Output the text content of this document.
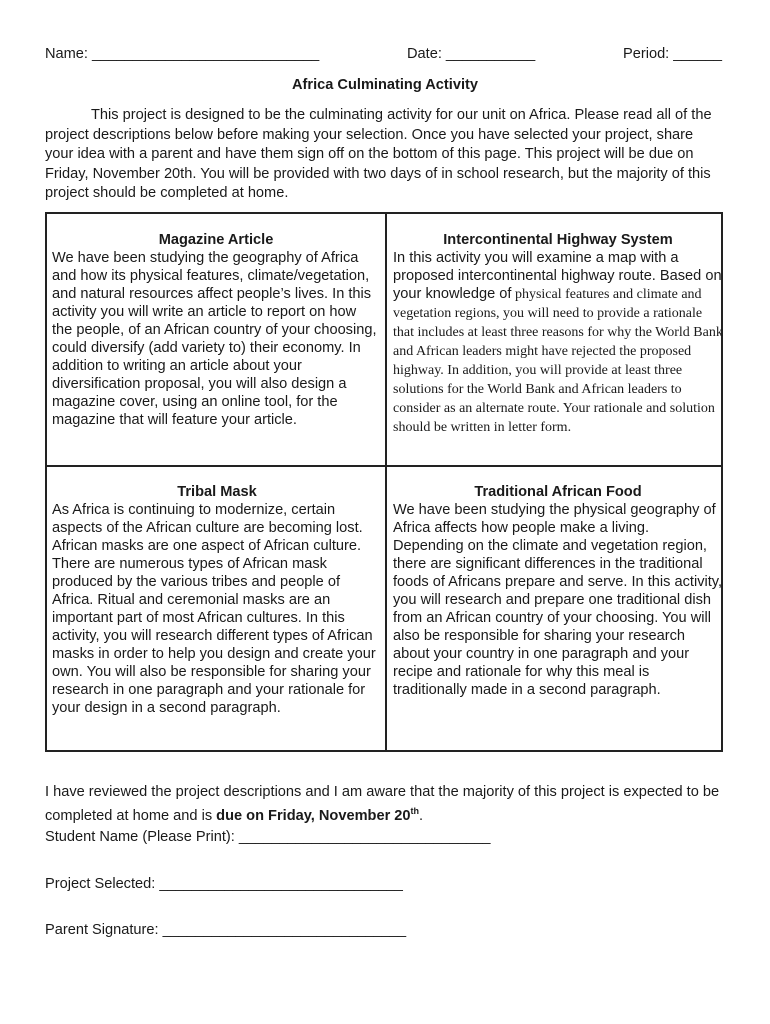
Name: ____________________________	Date: ___________	Period: ______
Africa Culminating Activity

This project is designed to be the culminating activity for our unit on Africa. Please read all of the project descriptions below before making your selection. Once you have selected your project, share your idea with a parent and have them sign off on the bottom of this page. This project will be due on Friday, November 20th. You will be provided with two days of in school research, but the majority of this project should be completed at home.

Magazine Article

We have been studying the geography of Africa and how its physical features, climate/vegetation, and natural resources affect people’s lives. In this activity you will write an article to report on how the people, of an African country of your choosing, could diversify (add variety to) their economy. In addition to writing an article about your diversification proposal, you will also design a magazine cover, using an online tool, for the magazine that will feature your article.

Intercontinental Highway System

In this activity you will examine a map with a proposed intercontinental highway route. Based on your knowledge of physical features and climate and vegetation regions, you will need to provide a rationale that includes at least three reasons for why the World Bank and African leaders might have rejected the proposed highway. In addition, you will provide at least three solutions for the World Bank and African leaders to consider as an alternate route. Your rationale and solution should be written in letter form.

Tribal Mask

As Africa is continuing to modernize, certain aspects of the African culture are becoming lost. African masks are one aspect of African culture. There are numerous types of African mask produced by the various tribes and people of Africa. Ritual and ceremonial masks are an important part of most African cultures. In this activity, you will research different types of African masks in order to help you design and create your own. You will also be responsible for sharing your research in one paragraph and your rationale for your design in a second paragraph.

Traditional African Food

We have been studying the physical geography of Africa affects how people make a living. Depending on the climate and vegetation region, there are significant differences in the traditional foods of Africans prepare and serve. In this activity, you will research and prepare one traditional dish from an African country of your choosing. You will also be responsible for sharing your research about your country in one paragraph and your recipe and rationale for why this meal is traditionally made in a second paragraph.

I have reviewed the project descriptions and I am aware that the majority of this project is expected to be completed at home and is due on Friday, November 20th.

Student Name (Please Print): _______________________________
Project Selected: ______________________________
Parent Signature: ______________________________
